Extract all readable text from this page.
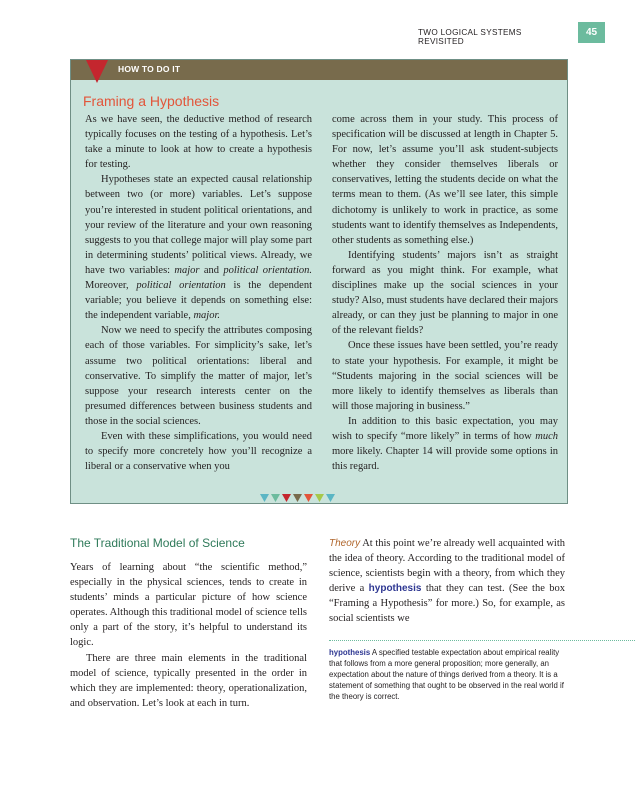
TWO LOGICAL SYSTEMS REVISITED
45
HOW TO DO IT
Framing a Hypothesis

As we have seen, the deductive method of research typically focuses on the testing of a hypothesis. Let’s take a minute to look at how to create a hypothesis for testing.

Hypotheses state an expected causal relationship between two (or more) variables. Let’s suppose you’re interested in student political orientations, and your review of the literature and your own reasoning suggests to you that college major will play some part in determining students’ political views. Already, we have two variables: major and political orientation. Moreover, political orientation is the dependent variable; you believe it depends on something else: the independent variable, major.

Now we need to specify the attributes composing each of those variables. For simplicity’s sake, let’s assume two political orientations: liberal and conservative. To simplify the matter of major, let’s suppose your research interests center on the presumed differences between business students and those in the social sciences.

Even with these simplifications, you would need to specify more concretely how you’ll recognize a liberal or a conservative when you

come across them in your study. This process of specification will be discussed at length in Chapter 5. For now, let’s assume you’ll ask student-subjects whether they consider themselves liberals or conservatives, letting the students decide on what the terms mean to them. (As we’ll see later, this simple dichotomy is unlikely to work in practice, as some students want to identify themselves as Independents, other students as something else.)

Identifying students’ majors isn’t as straight forward as you might think. For example, what disciplines make up the social sciences in your study? Also, must students have declared their majors already, or can they just be planning to major in one of the relevant fields?

Once these issues have been settled, you’re ready to state your hypothesis. For example, it might be “Students majoring in the social sciences will be more likely to identify themselves as liberals than will those majoring in business.”

In addition to this basic expectation, you may wish to specify “more likely” in terms of how much more likely. Chapter 14 will provide some options in this regard.

The Traditional Model of Science

Years of learning about “the scientific method,” especially in the physical sciences, tends to create in students’ minds a particular picture of how science operates. Although this traditional model of science tells only a part of the story, it’s helpful to understand its logic.

There are three main elements in the traditional model of science, typically presented in the order in which they are implemented: theory, operationalization, and observation. Let’s look at each in turn.

Theory At this point we’re already well acquainted with the idea of theory. According to the traditional model of science, scientists begin with a theory, from which they derive a hypothesis that they can test. (See the box “Framing a Hypothesis” for more.) So, for example, as social scientists we

hypothesis A specified testable expectation about empirical reality that follows from a more general proposition; more generally, an expectation about the nature of things derived from a theory. It is a statement of something that ought to be observed in the real world if the theory is correct.
